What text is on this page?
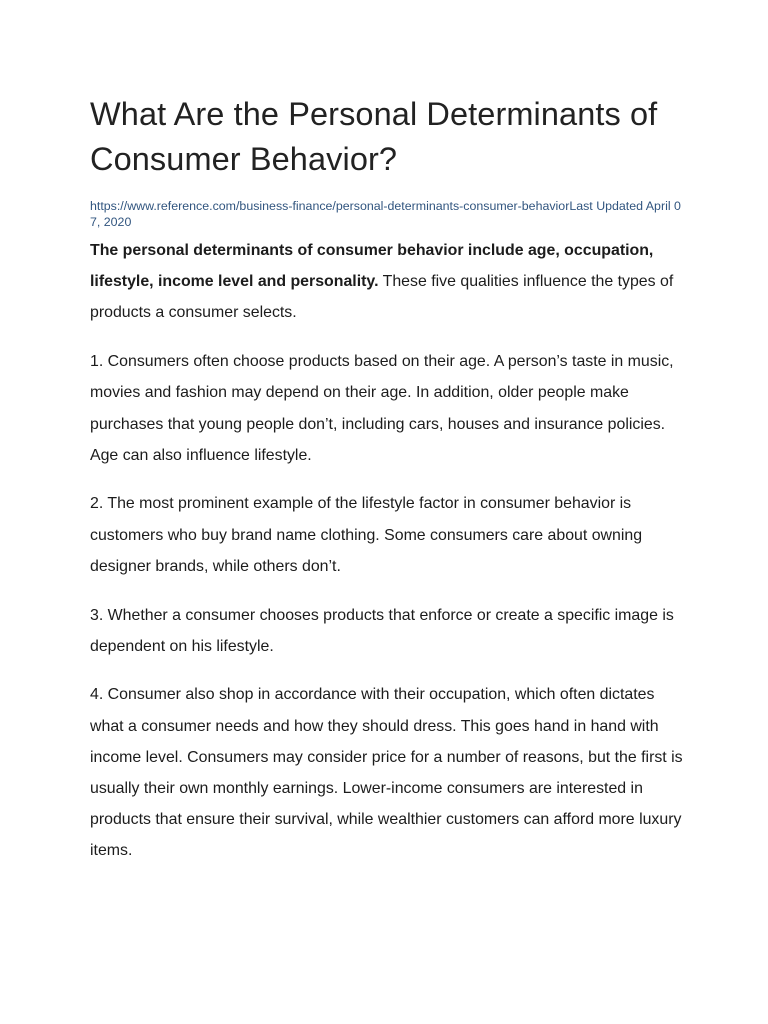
What Are the Personal Determinants of Consumer Behavior?
https://www.reference.com/business-finance/personal-determinants-consumer-behaviorLast Updated April 07, 2020

The personal determinants of consumer behavior include age, occupation, lifestyle, income level and personality. These five qualities influence the types of products a consumer selects.

1. Consumers often choose products based on their age. A person’s taste in music, movies and fashion may depend on their age. In addition, older people make purchases that young people don’t, including cars, houses and insurance policies. Age can also influence lifestyle.

2. The most prominent example of the lifestyle factor in consumer behavior is customers who buy brand name clothing. Some consumers care about owning designer brands, while others don’t.

3. Whether a consumer chooses products that enforce or create a specific image is dependent on his lifestyle.

4. Consumer also shop in accordance with their occupation, which often dictates what a consumer needs and how they should dress. This goes hand in hand with income level. Consumers may consider price for a number of reasons, but the first is usually their own monthly earnings. Lower-income consumers are interested in products that ensure their survival, while wealthier customers can afford more luxury items.
